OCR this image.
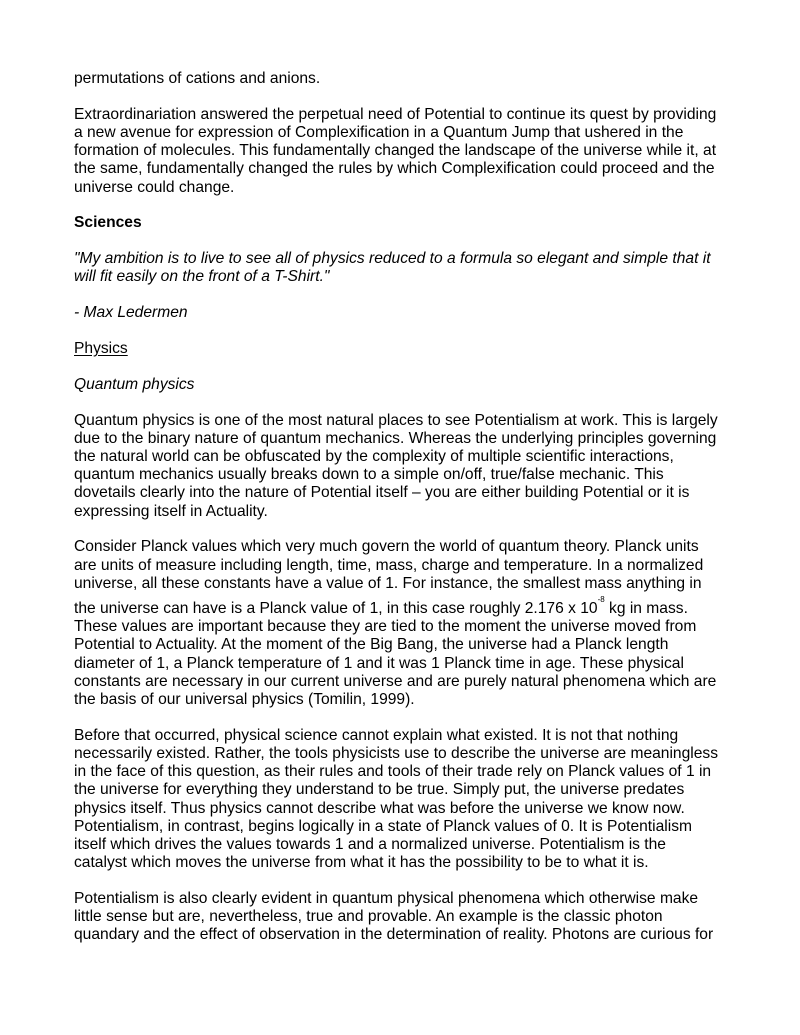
permutations of cations and anions.

Extraordinariation answered the perpetual need of Potential to continue its quest by providing
a new avenue for expression of Complexification in a Quantum Jump that ushered in the
formation of molecules. This fundamentally changed the landscape of the universe while it, at
the same, fundamentally changed the rules by which Complexification could proceed and the
universe could change.

Sciences

"My ambition is to live to see all of physics reduced to a formula so elegant and simple that it
will fit easily on the front of a T-Shirt."

- Max Ledermen

Physics

Quantum physics

Quantum physics is one of the most natural places to see Potentialism at work. This is largely
due to the binary nature of quantum mechanics. Whereas the underlying principles governing
the natural world can be obfuscated by the complexity of multiple scientific interactions,
quantum mechanics usually breaks down to a simple on/off, true/false mechanic. This
dovetails clearly into the nature of Potential itself – you are either building Potential or it is
expressing itself in Actuality.

Consider Planck values which very much govern the world of quantum theory. Planck units
are units of measure including length, time, mass, charge and temperature. In a normalized
universe, all these constants have a value of 1. For instance, the smallest mass anything in
the universe can have is a Planck value of 1, in this case roughly 2.176 x $10^{-8}$ kg in mass.
These values are important because they are tied to the moment the universe moved from
Potential to Actuality. At the moment of the Big Bang, the universe had a Planck length
diameter of 1, a Planck temperature of 1 and it was 1 Planck time in age. These physical
constants are necessary in our current universe and are purely natural phenomena which are
the basis of our universal physics (Tomilin, 1999).

Before that occurred, physical science cannot explain what existed. It is not that nothing
necessarily existed. Rather, the tools physicists use to describe the universe are meaningless
in the face of this question, as their rules and tools of their trade rely on Planck values of 1 in
the universe for everything they understand to be true. Simply put, the universe predates
physics itself. Thus physics cannot describe what was before the universe we know now.
Potentialism, in contrast, begins logically in a state of Planck values of 0. It is Potentialism
itself which drives the values towards 1 and a normalized universe. Potentialism is the
catalyst which moves the universe from what it has the possibility to be to what it is.

Potentialism is also clearly evident in quantum physical phenomena which otherwise make
little sense but are, nevertheless, true and provable. An example is the classic photon
quandary and the effect of observation in the determination of reality. Photons are curious for
